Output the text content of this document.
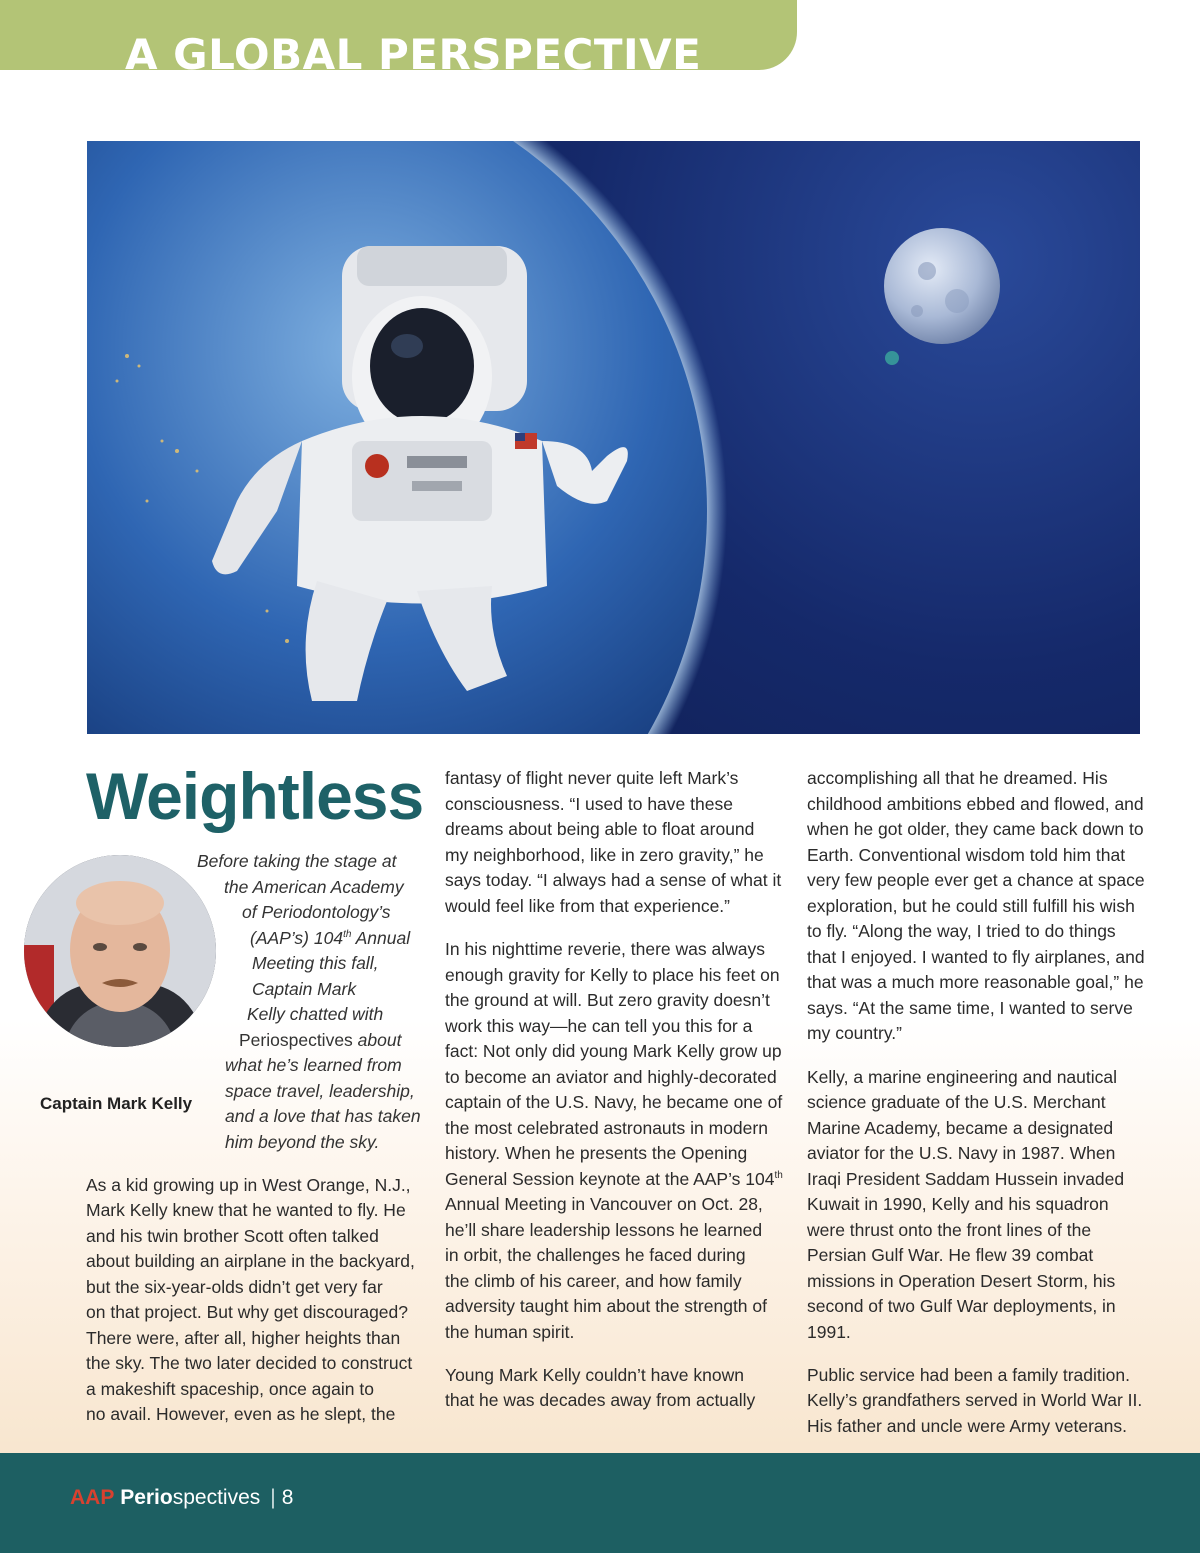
A GLOBAL PERSPECTIVE
Weightless
Captain Mark Kelly
Before taking the stage at
the American Academy
of Periodontology’s
(AAP’s) 104th Annual
Meeting this fall,
Captain Mark
Kelly chatted with
Periospectives about
what he’s learned from
space travel, leadership,
and a love that has taken
him beyond the sky.
As a kid growing up in West Orange, N.J.,
Mark Kelly knew that he wanted to fly. He
and his twin brother Scott often talked
about building an airplane in the backyard,
but the six-year-olds didn’t get very far
on that project. But why get discouraged?
There were, after all, higher heights than
the sky. The two later decided to construct
a makeshift spaceship, once again to
no avail. However, even as he slept, the
fantasy of flight never quite left Mark’s
consciousness. “I used to have these
dreams about being able to float around
my neighborhood, like in zero gravity,” he
says today. “I always had a sense of what it
would feel like from that experience.”
In his nighttime reverie, there was always
enough gravity for Kelly to place his feet on
the ground at will. But zero gravity doesn’t
work this way—he can tell you this for a
fact: Not only did young Mark Kelly grow up
to become an aviator and highly-decorated
captain of the U.S. Navy, he became one of
the most celebrated astronauts in modern
history. When he presents the Opening
General Session keynote at the AAP’s 104th
Annual Meeting in Vancouver on Oct. 28,
he’ll share leadership lessons he learned
in orbit, the challenges he faced during
the climb of his career, and how family
adversity taught him about the strength of
the human spirit.
Young Mark Kelly couldn’t have known
that he was decades away from actually
accomplishing all that he dreamed. His
childhood ambitions ebbed and flowed, and
when he got older, they came back down to
Earth. Conventional wisdom told him that
very few people ever get a chance at space
exploration, but he could still fulfill his wish
to fly. “Along the way, I tried to do things
that I enjoyed. I wanted to fly airplanes, and
that was a much more reasonable goal,” he
says. “At the same time, I wanted to serve
my country.”
Kelly, a marine engineering and nautical
science graduate of the U.S. Merchant
Marine Academy, became a designated
aviator for the U.S. Navy in 1987. When
Iraqi President Saddam Hussein invaded
Kuwait in 1990, Kelly and his squadron
were thrust onto the front lines of the
Persian Gulf War. He flew 39 combat
missions in Operation Desert Storm, his
second of two Gulf War deployments, in
1991.
Public service had been a family tradition.
Kelly’s grandfathers served in World War II.
His father and uncle were Army veterans.
AAP Periospectives | 8
